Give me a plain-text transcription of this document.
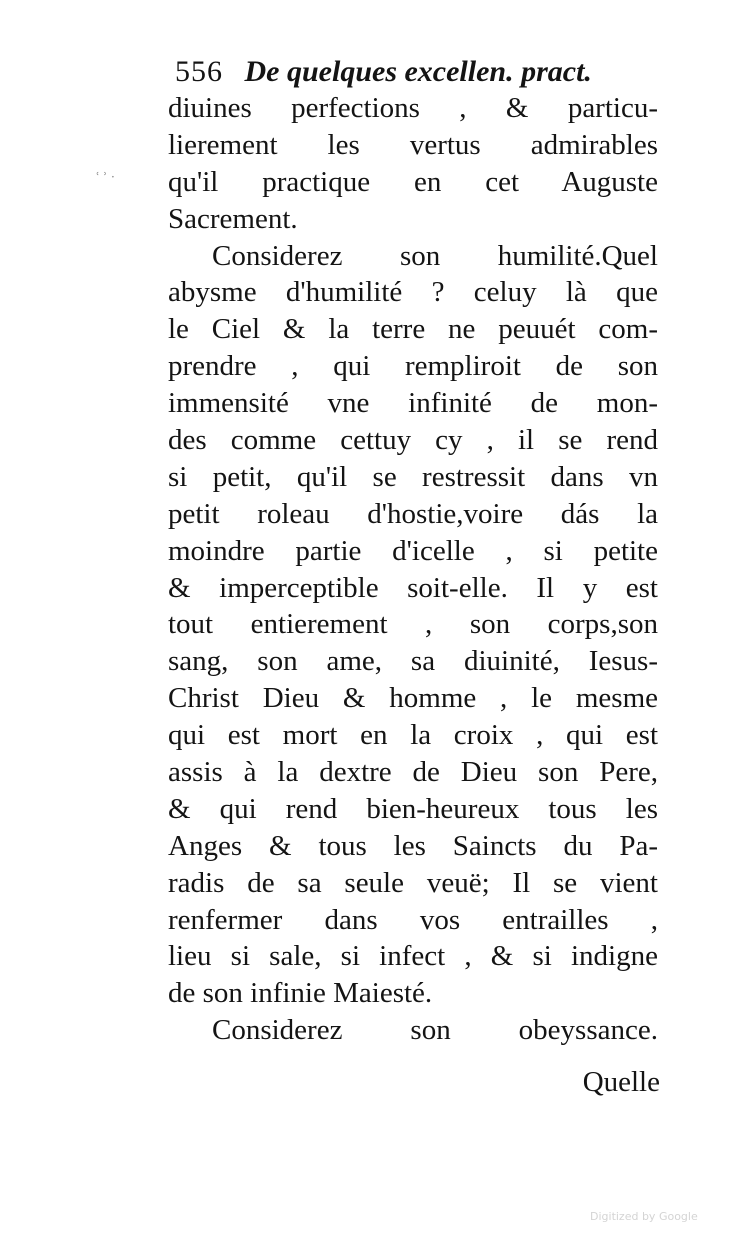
556 De quelques excellen. pract.
diuines perfections , & particu-
lierement les vertus admirables
qu'il practique en cet Auguste
Sacrement.
Considerez son humilité.Quel
abysme d'humilité ? celuy là que
le Ciel & la terre ne peuuét com-
prendre , qui rempliroit de son
immensité vne infinité de mon-
des comme cettuy cy , il se rend
si petit, qu'il se restressit dans vn
petit roleau d'hostie,voire dás la
moindre partie d'icelle , si petite
& imperceptible soit-elle. Il y est
tout entierement , son corps,son
sang, son ame, sa diuinité, Iesus-
Christ Dieu & homme , le mesme
qui est mort en la croix , qui est
assis à la dextre de Dieu son Pere,
& qui rend bien-heureux tous les
Anges & tous les Saincts du Pa-
radis de sa seule veuë; Il se vient
renfermer dans vos entrailles ,
lieu si sale, si infect , & si indigne
de son infinie Maiesté.
Considerez son obeyssance.
Quelle
ʿ ʾ ·
Digitized by Google
